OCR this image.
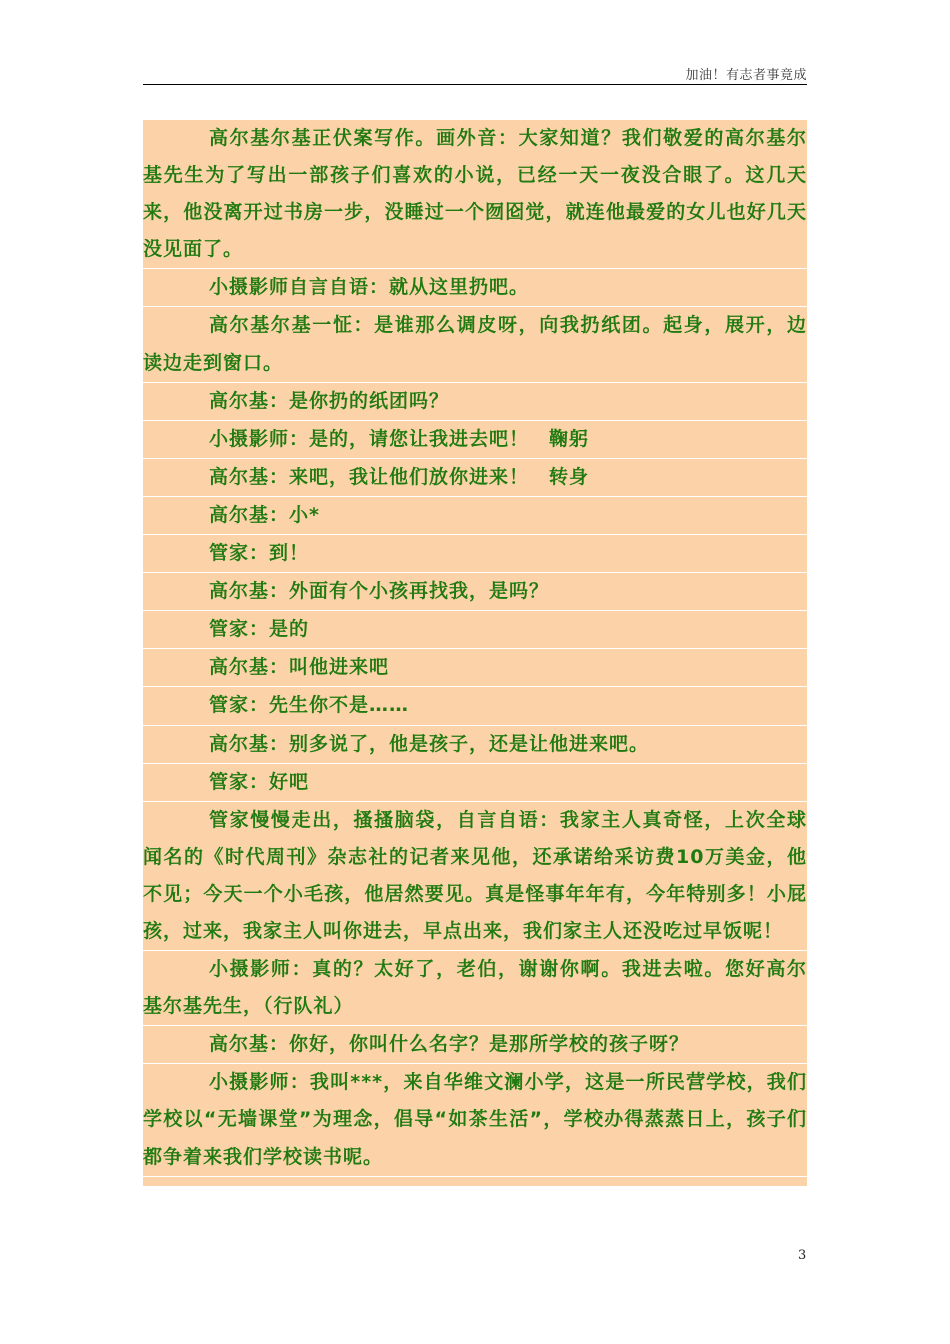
加油！有志者事竟成

高尔基尔基正伏案写作。画外音：大家知道？我们敬爱的高尔基尔基先生为了写出一部孩子们喜欢的小说，已经一天一夜没合眼了。这几天来，他没离开过书房一步，没睡过一个囫囵觉，就连他最爱的女儿也好几天没见面了。

小摄影师自言自语：就从这里扔吧。

高尔基尔基一怔：是谁那么调皮呀，向我扔纸团。起身，展开，边读边走到窗口。

高尔基：是你扔的纸团吗？

小摄影师：是的，请您让我进去吧！　鞠躬

高尔基：来吧，我让他们放你进来！　转身

高尔基：小*

管家：到！

高尔基：外面有个小孩再找我，是吗？

管家：是的

高尔基：叫他进来吧

管家：先生你不是……

高尔基：别多说了，他是孩子，还是让他进来吧。

管家：好吧

管家慢慢走出，搔搔脑袋，自言自语：我家主人真奇怪，上次全球闻名的《时代周刊》杂志社的记者来见他，还承诺给采访费10万美金，他不见；今天一个小毛孩，他居然要见。真是怪事年年有，今年特别多！小屁孩，过来，我家主人叫你进去，早点出来，我们家主人还没吃过早饭呢！

小摄影师：真的？太好了，老伯，谢谢你啊。我进去啦。您好高尔基尔基先生，（行队礼）

高尔基：你好，你叫什么名字？是那所学校的孩子呀？

小摄影师：我叫***，来自华维文澜小学，这是一所民营学校，我们学校以“无墙课堂”为理念，倡导“如茶生活”，学校办得蒸蒸日上，孩子们都争着来我们学校读书呢。

3
